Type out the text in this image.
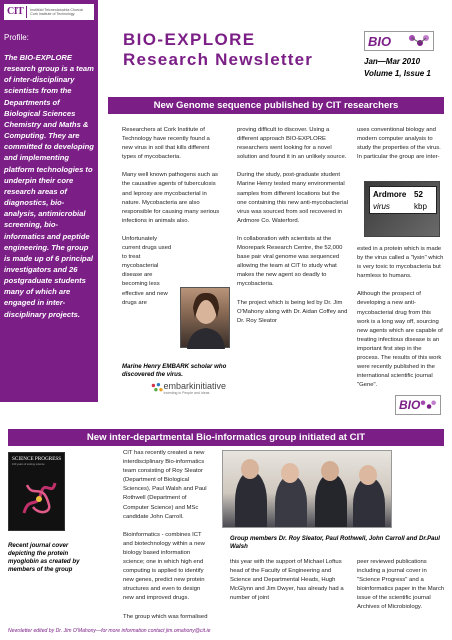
CIT	Institiúid Teicneolaíochta Chorcaí
Cork Institute of Technology
Profile:
The BIO-EXPLORE research group is a team of inter-disciplinary scientists from the Departments of Biological Sciences Chemistry and Maths & Computing. They are committed to developing and implementing platform technologies to underpin their core research areas of diagnostics, bio-analysis, antimicrobial screening, bio-informatics and peptide engineering. The group is made up of 6 principal investigators and 26 postgraduate students many of which are engaged in inter-disciplinary projects.
BIO-EXPLORE
Research Newsletter
BIO
Jan—Mar 2010
Volume 1, Issue 1
New Genome sequence published by CIT researchers

Researchers at Cork Institute of Technology have recently found a new virus in soil that kills different types of mycobacteria.

Many well known pathogens such as the causative agents of tuberculosis and leprosy are mycobacterial in nature. Mycobacteria are also responsible for causing many serious infections in animals also.

Unfortunately current drugs used to treat mycobacterial disease are becoming less effective and new drugs are

Marine Henry EMBARK scholar who discovered the virus.
embarkinitiative
Investing in People and Ideas

proving difficult to discover. Using a different approach BIO-EXPLORE researchers went looking for a novel solution and found it in an unlikely source.

During the study, post-graduate student Marine Henry tested many environmental samples from different locations but the one containing this new anti-mycobacterial virus was sourced from soil recovered in Ardmore Co. Waterford.

In collaboration with scientists at the Moorepark Research Centre, the 52,000 base pair viral genome was sequenced allowing the team at CIT to study what makes the new agent so deadly to mycobacteria.

The project which is being led by Dr. Jim O'Mahony along with Dr. Aidan Coffey and Dr. Roy Sleator

uses conventional biology and modern computer analysis to study the properties of the virus. In particular the group are inter-

Ardmore 52
virus	kbp

ested in a protein which is made by the virus called a "lysin" which is very toxic to mycobacteria but harmless to humans.

Although the prospect of developing a new anti-mycobacterial drug from this work is a long way off, sourcing new agents which are capable of treating infectious disease is an important first step in the process. The results of this work were recently published in the international scientific journal "Gene".

BIO
New inter-departmental Bio-informatics group initiated at CIT
SCIENCE PROGRESS
100 years of solving science
Recent journal cover depicting the protein myoglobin as created by members of the group

CIT has recently created a new interdisciplinary Bio-informatics team consisting of Roy Sleator (Department of Biological Sciences), Paul Walsh and Paul Rothwell (Department of Computer Science) and MSc candidate John Carroll.

Bioinformatics - combines ICT and biotechnology within a new biology based information science; one in which high end computing is applied to identify new genes, predict new protein structures and even to design new and improved drugs.

The group which was formalised

Group members Dr. Roy Sleator, Paul Rothwell, John Carroll and Dr.Paul Walsh

this year with the support of Michael Loftus head of the Faculty of Engineering and Science and Departmental Heads, Hugh McGlynn and Jim Dwyer, has already had a number of joint

peer reviewed publications including a journal cover in "Science Progress" and a bioinformatics paper in the March issue of the scientific journal Archives of Microbiology.

Newsletter edited by Dr. Jim O'Mahony—for more information contact jim.omahony@cit.ie
